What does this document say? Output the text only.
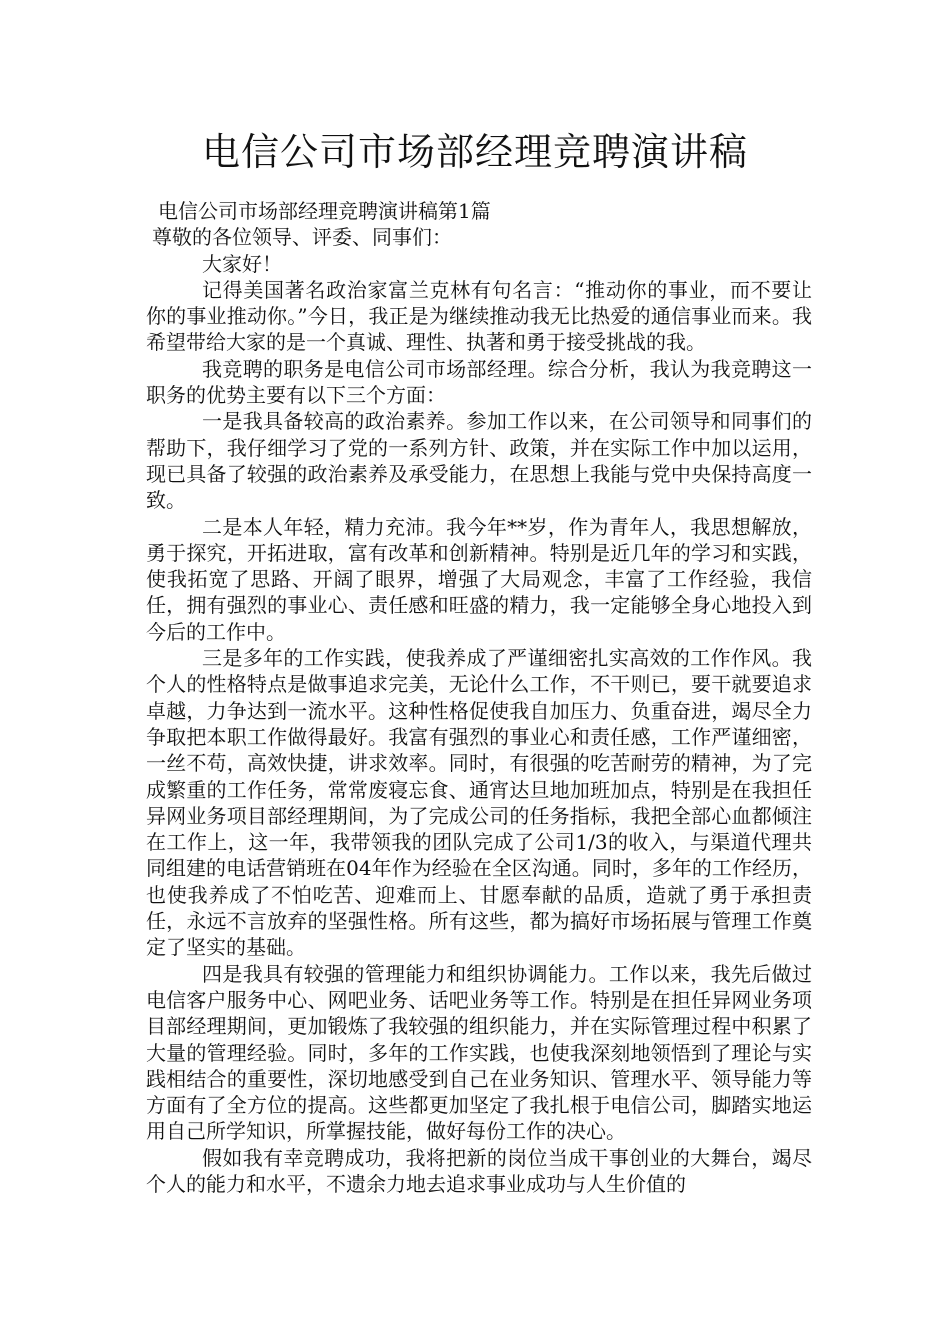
电信公司市场部经理竞聘演讲稿

电信公司市场部经理竞聘演讲稿第1篇

尊敬的各位领导、评委、同事们：

大家好！

记得美国著名政治家富兰克林有句名言：“推动你的事业，而不要让你的事业推动你。”今日，我正是为继续推动我无比热爱的通信事业而来。我希望带给大家的是一个真诚、理性、执著和勇于接受挑战的我。

我竞聘的职务是电信公司市场部经理。综合分析，我认为我竞聘这一职务的优势主要有以下三个方面：

一是我具备较高的政治素养。参加工作以来，在公司领导和同事们的帮助下，我仔细学习了党的一系列方针、政策，并在实际工作中加以运用，现已具备了较强的政治素养及承受能力，在思想上我能与党中央保持高度一致。

二是本人年轻，精力充沛。我今年**岁，作为青年人，我思想解放，勇于探究，开拓进取，富有改革和创新精神。特别是近几年的学习和实践，使我拓宽了思路、开阔了眼界，增强了大局观念，丰富了工作经验，我信任，拥有强烈的事业心、责任感和旺盛的精力，我一定能够全身心地投入到今后的工作中。

三是多年的工作实践，使我养成了严谨细密扎实高效的工作作风。我个人的性格特点是做事追求完美，无论什么工作，不干则已，要干就要追求卓越，力争达到一流水平。这种性格促使我自加压力、负重奋进，竭尽全力争取把本职工作做得最好。我富有强烈的事业心和责任感，工作严谨细密，一丝不苟，高效快捷，讲求效率。同时，有很强的吃苦耐劳的精神，为了完成繁重的工作任务，常常废寝忘食、通宵达旦地加班加点，特别是在我担任异网业务项目部经理期间，为了完成公司的任务指标，我把全部心血都倾注在工作上，这一年，我带领我的团队完成了公司1/3的收入，与渠道代理共同组建的电话营销班在04年作为经验在全区沟通。同时，多年的工作经历，也使我养成了不怕吃苦、迎难而上、甘愿奉献的品质，造就了勇于承担责任，永远不言放弃的坚强性格。所有这些，都为搞好市场拓展与管理工作奠定了坚实的基础。

四是我具有较强的管理能力和组织协调能力。工作以来，我先后做过电信客户服务中心、网吧业务、话吧业务等工作。特别是在担任异网业务项目部经理期间，更加锻炼了我较强的组织能力，并在实际管理过程中积累了大量的管理经验。同时，多年的工作实践，也使我深刻地领悟到了理论与实践相结合的重要性，深切地感受到自己在业务知识、管理水平、领导能力等方面有了全方位的提高。这些都更加坚定了我扎根于电信公司，脚踏实地运用自己所学知识，所掌握技能，做好每份工作的决心。

假如我有幸竞聘成功，我将把新的岗位当成干事创业的大舞台，竭尽个人的能力和水平，不遗余力地去追求事业成功与人生价值的
